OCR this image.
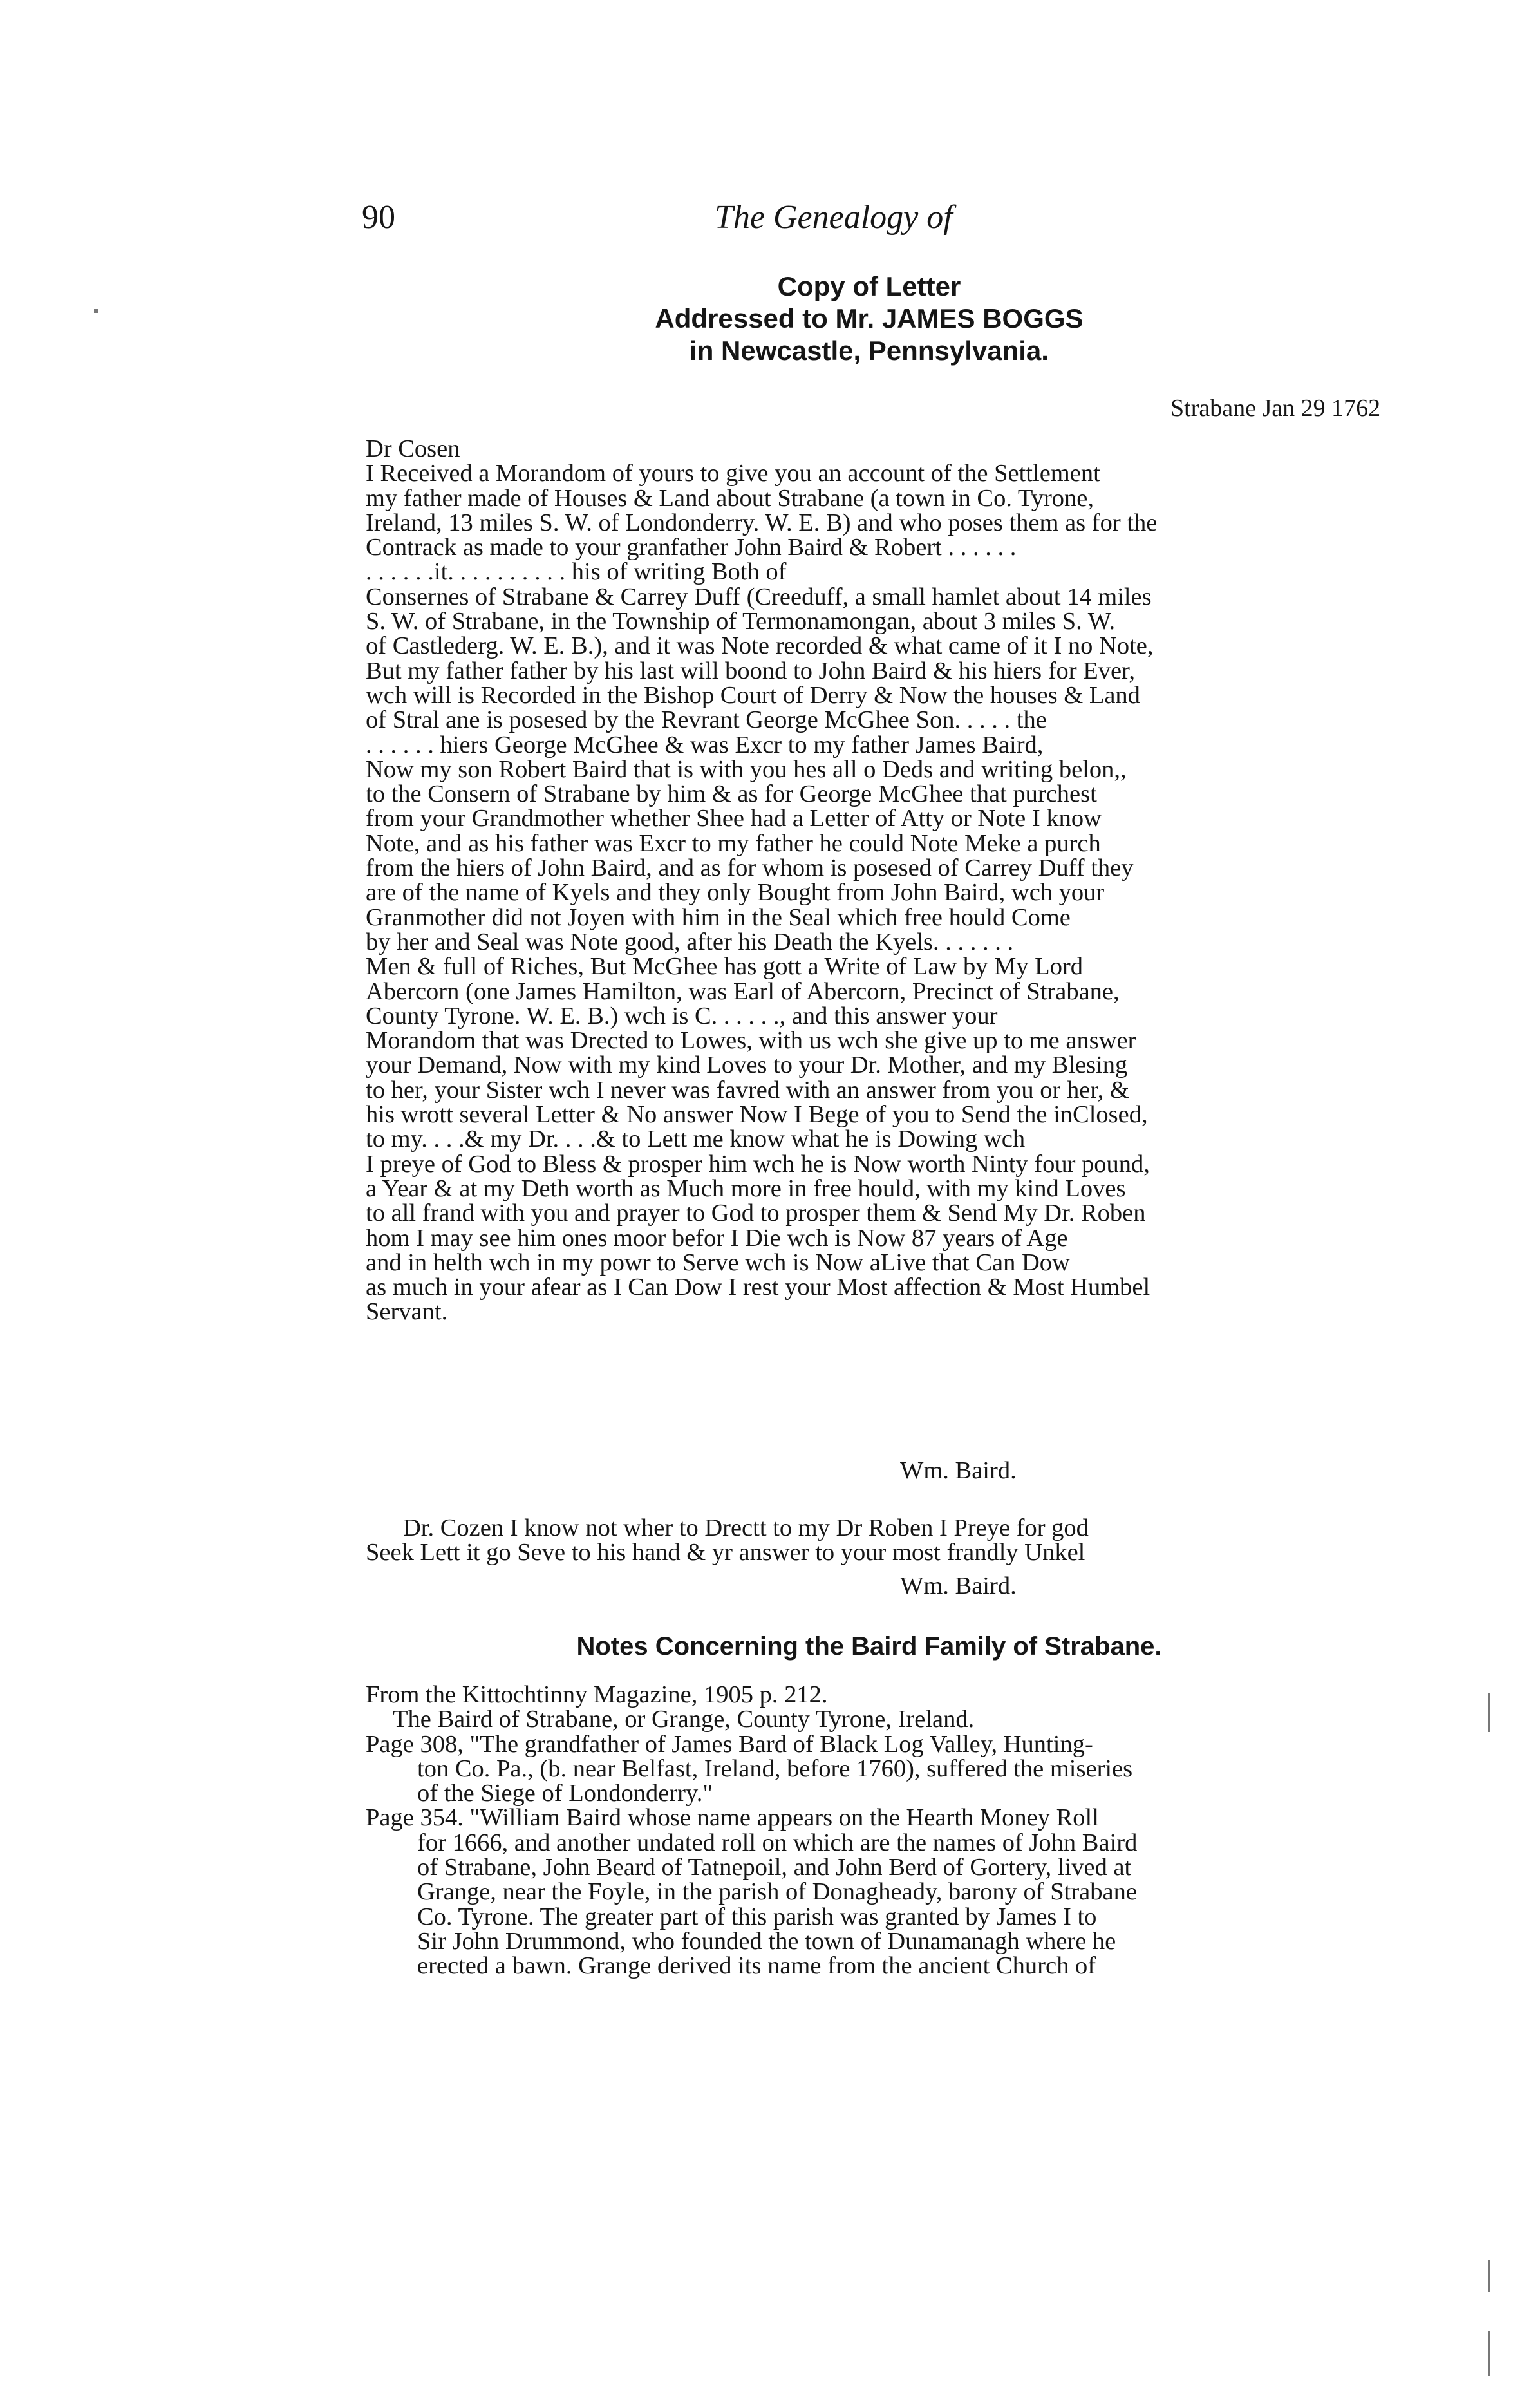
90	The Genealogy of
Copy of Letter
Addressed to Mr. JAMES BOGGS
in Newcastle, Pennsylvania.
Strabane Jan 29 1762
Dr Cosen
I Received a Morandom of yours to give you an account of the Settlement
my father made of Houses & Land about Strabane (a town in Co. Tyrone,
Ireland, 13 miles S. W. of Londonderry. W. E. B) and who poses them as for the
Contrack as made to your granfather John Baird & Robert . . . . . .
. . . . . .it. . . . . . . . . . his of writing Both of
Consernes of Strabane & Carrey Duff (Creeduff, a small hamlet about 14 miles
S. W. of Strabane, in the Township of Termonamongan, about 3 miles S. W.
of Castlederg. W. E. B.), and it was Note recorded & what came of it I no Note,
But my father father by his last will boond to John Baird & his hiers for Ever,
wch will is Recorded in the Bishop Court of Derry & Now the houses & Land
of Stral ane is posesed by the Revrant George McGhee Son. . . . . the
. . . . . . hiers George McGhee & was Excr to my father James Baird,
Now my son Robert Baird that is with you hes all o Deds and writing belon,,
to the Consern of Strabane by him & as for George McGhee that purchest
from your Grandmother whether Shee had a Letter of Atty or Note I know
Note, and as his father was Excr to my father he could Note Meke a purch
from the hiers of John Baird, and as for whom is posesed of Carrey Duff they
are of the name of Kyels and they only Bought from John Baird, wch your
Granmother did not Joyen with him in the Seal which free hould Come
by her and Seal was Note good, after his Death the Kyels. . . . . . .
Men & full of Riches, But McGhee has gott a Write of Law by My Lord
Abercorn (one James Hamilton, was Earl of Abercorn, Precinct of Strabane,
County Tyrone. W. E. B.) wch is C. . . . . ., and this answer your
Morandom that was Drected to Lowes, with us wch she give up to me answer
your Demand, Now with my kind Loves to your Dr. Mother, and my Blesing
to her, your Sister wch I never was favred with an answer from you or her, &
his wrott several Letter & No answer Now I Bege of you to Send the inClosed,
to my. . . .& my Dr. . . .& to Lett me know what he is Dowing wch
I preye of God to Bless & prosper him wch he is Now worth Ninty four pound,
a Year & at my Deth worth as Much more in free hould, with my kind Loves
to all frand with you and prayer to God to prosper them & Send My Dr. Roben
hom I may see him ones moor befor I Die wch is Now 87 years of Age
and in helth wch in my powr to Serve wch is Now aLive that Can Dow
as much in your afear as I Can Dow I rest your Most affection & Most Humbel
Servant.
Wm. Baird.
Dr. Cozen I know not wher to Drectt to my Dr Roben I Preye for god
Seek Lett it go Seve to his hand & yr answer to your most frandly Unkel
Wm. Baird.
Notes Concerning the Baird Family of Strabane.
From the Kittochtinny Magazine, 1905 p. 212.
The Baird of Strabane, or Grange, County Tyrone, Ireland.
Page 308, "The grandfather of James Bard of Black Log Valley, Hunting-
ton Co. Pa., (b. near Belfast, Ireland, before 1760), suffered the miseries
of the Siege of Londonderry."
Page 354. "William Baird whose name appears on the Hearth Money Roll
for 1666, and another undated roll on which are the names of John Baird
of Strabane, John Beard of Tatnepoil, and John Berd of Gortery, lived at
Grange, near the Foyle, in the parish of Donagheady, barony of Strabane
Co. Tyrone. The greater part of this parish was granted by James I to
Sir John Drummond, who founded the town of Dunamanagh where he
erected a bawn. Grange derived its name from the ancient Church of
